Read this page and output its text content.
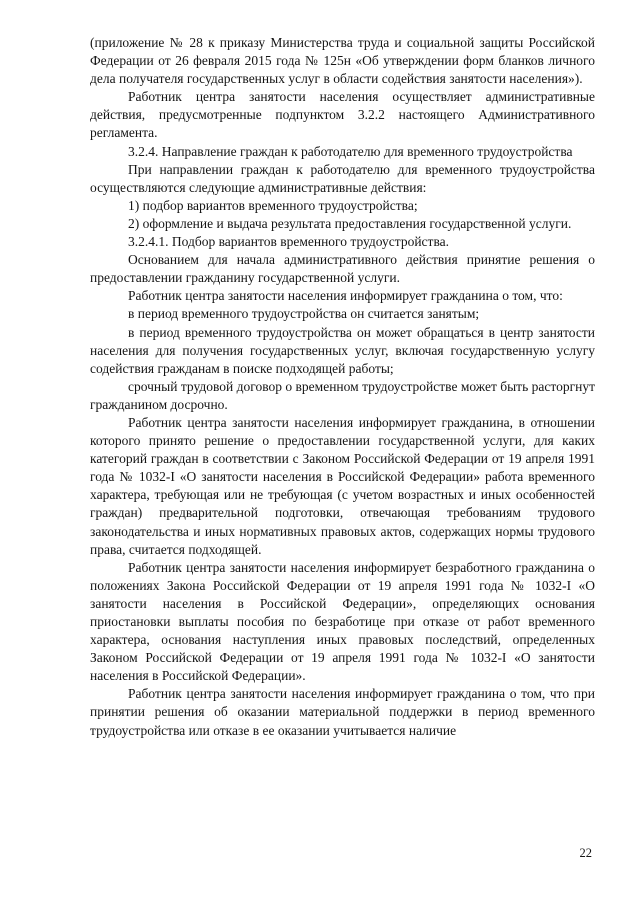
(приложение № 28 к приказу Министерства труда и социальной защиты Российской Федерации от 26 февраля 2015 года № 125н «Об утверждении форм бланков личного дела получателя государственных услуг в области содействия занятости населения»).

Работник центра занятости населения осуществляет административные действия, предусмотренные подпунктом 3.2.2 настоящего Административного регламента.

3.2.4. Направление граждан к работодателю для временного трудоустройства

При направлении граждан к работодателю для временного трудоустройства осуществляются следующие административные действия:

1) подбор вариантов временного трудоустройства;

2) оформление и выдача результата предоставления государственной услуги.

3.2.4.1. Подбор вариантов временного трудоустройства.

Основанием для начала административного действия принятие решения о предоставлении гражданину государственной услуги.

Работник центра занятости населения информирует гражданина о том, что:

в период временного трудоустройства он считается занятым;

в период временного трудоустройства он может обращаться в центр занятости населения для получения государственных услуг, включая государственную услугу содействия гражданам в поиске подходящей работы;

срочный трудовой договор о временном трудоустройстве может быть расторгнут гражданином досрочно.

Работник центра занятости населения информирует гражданина, в отношении которого принято решение о предоставлении государственной услуги, для каких категорий граждан в соответствии с Законом Российской Федерации от 19 апреля 1991 года № 1032-I «О занятости населения в Российской Федерации» работа временного характера, требующая или не требующая (с учетом возрастных и иных особенностей граждан) предварительной подготовки, отвечающая требованиям трудового законодательства и иных нормативных правовых актов, содержащих нормы трудового права, считается подходящей.

Работник центра занятости населения информирует безработного гражданина о положениях Закона Российской Федерации от 19 апреля 1991 года № 1032-I «О занятости населения в Российской Федерации», определяющих основания приостановки выплаты пособия по безработице при отказе от работ временного характера, основания наступления иных правовых последствий, определенных Законом Российской Федерации от 19 апреля 1991 года № 1032-I «О занятости населения в Российской Федерации».

Работник центра занятости населения информирует гражданина о том, что при принятии решения об оказании материальной поддержки в период временного трудоустройства или отказе в ее оказании учитывается наличие

22
